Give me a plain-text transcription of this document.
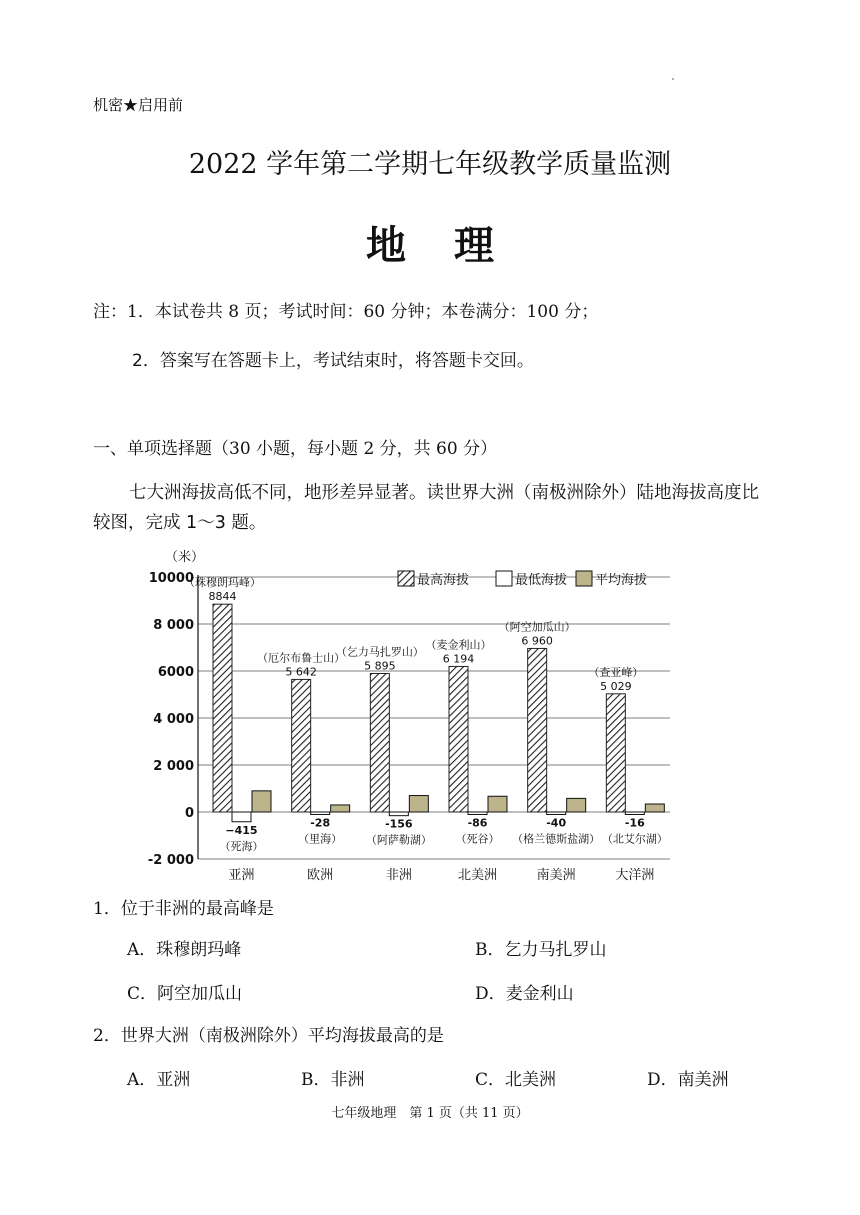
机密★启用前
2022 学年第二学期七年级教学质量监测
地理
注：1．本试卷共 8 页；考试时间：60 分钟；本卷满分：100 分；
2．答案写在答题卡上，考试结束时，将答题卡交回。
一、单项选择题（30 小题，每小题 2 分，共 60 分）
七大洲海拔高低不同，地形差异显著。读世界大洲（南极洲除外）陆地海拔高度比较图，完成 1～3 题。
10000
8 000
6000
4 000
2 000
0
-2 000
（米）
最高海拔	最低海拔 平均海拔
8844
（珠穆朗玛峰）
−415
（死海）
亚洲
5 642
（厄尔布鲁士山）
-28
（里海）
欧洲
5 895
（乞力马扎罗山）
-156
（阿萨勒湖）
非洲
6 194
（麦金利山）
-86
（死谷）
北美洲
6 960
（阿空加瓜山）
-40
（格兰德斯盐湖）
南美洲
5 029
（查亚峰）
-16
（北艾尔湖）
大洋洲
1．位于非洲的最高峰是
A．珠穆朗玛峰	B．乞力马扎罗山
C．阿空加瓜山	D．麦金利山
2．世界大洲（南极洲除外）平均海拔最高的是
A．亚洲	B．非洲	C．北美洲	D．南美洲
七年级地理　第 1 页（共 11 页）
